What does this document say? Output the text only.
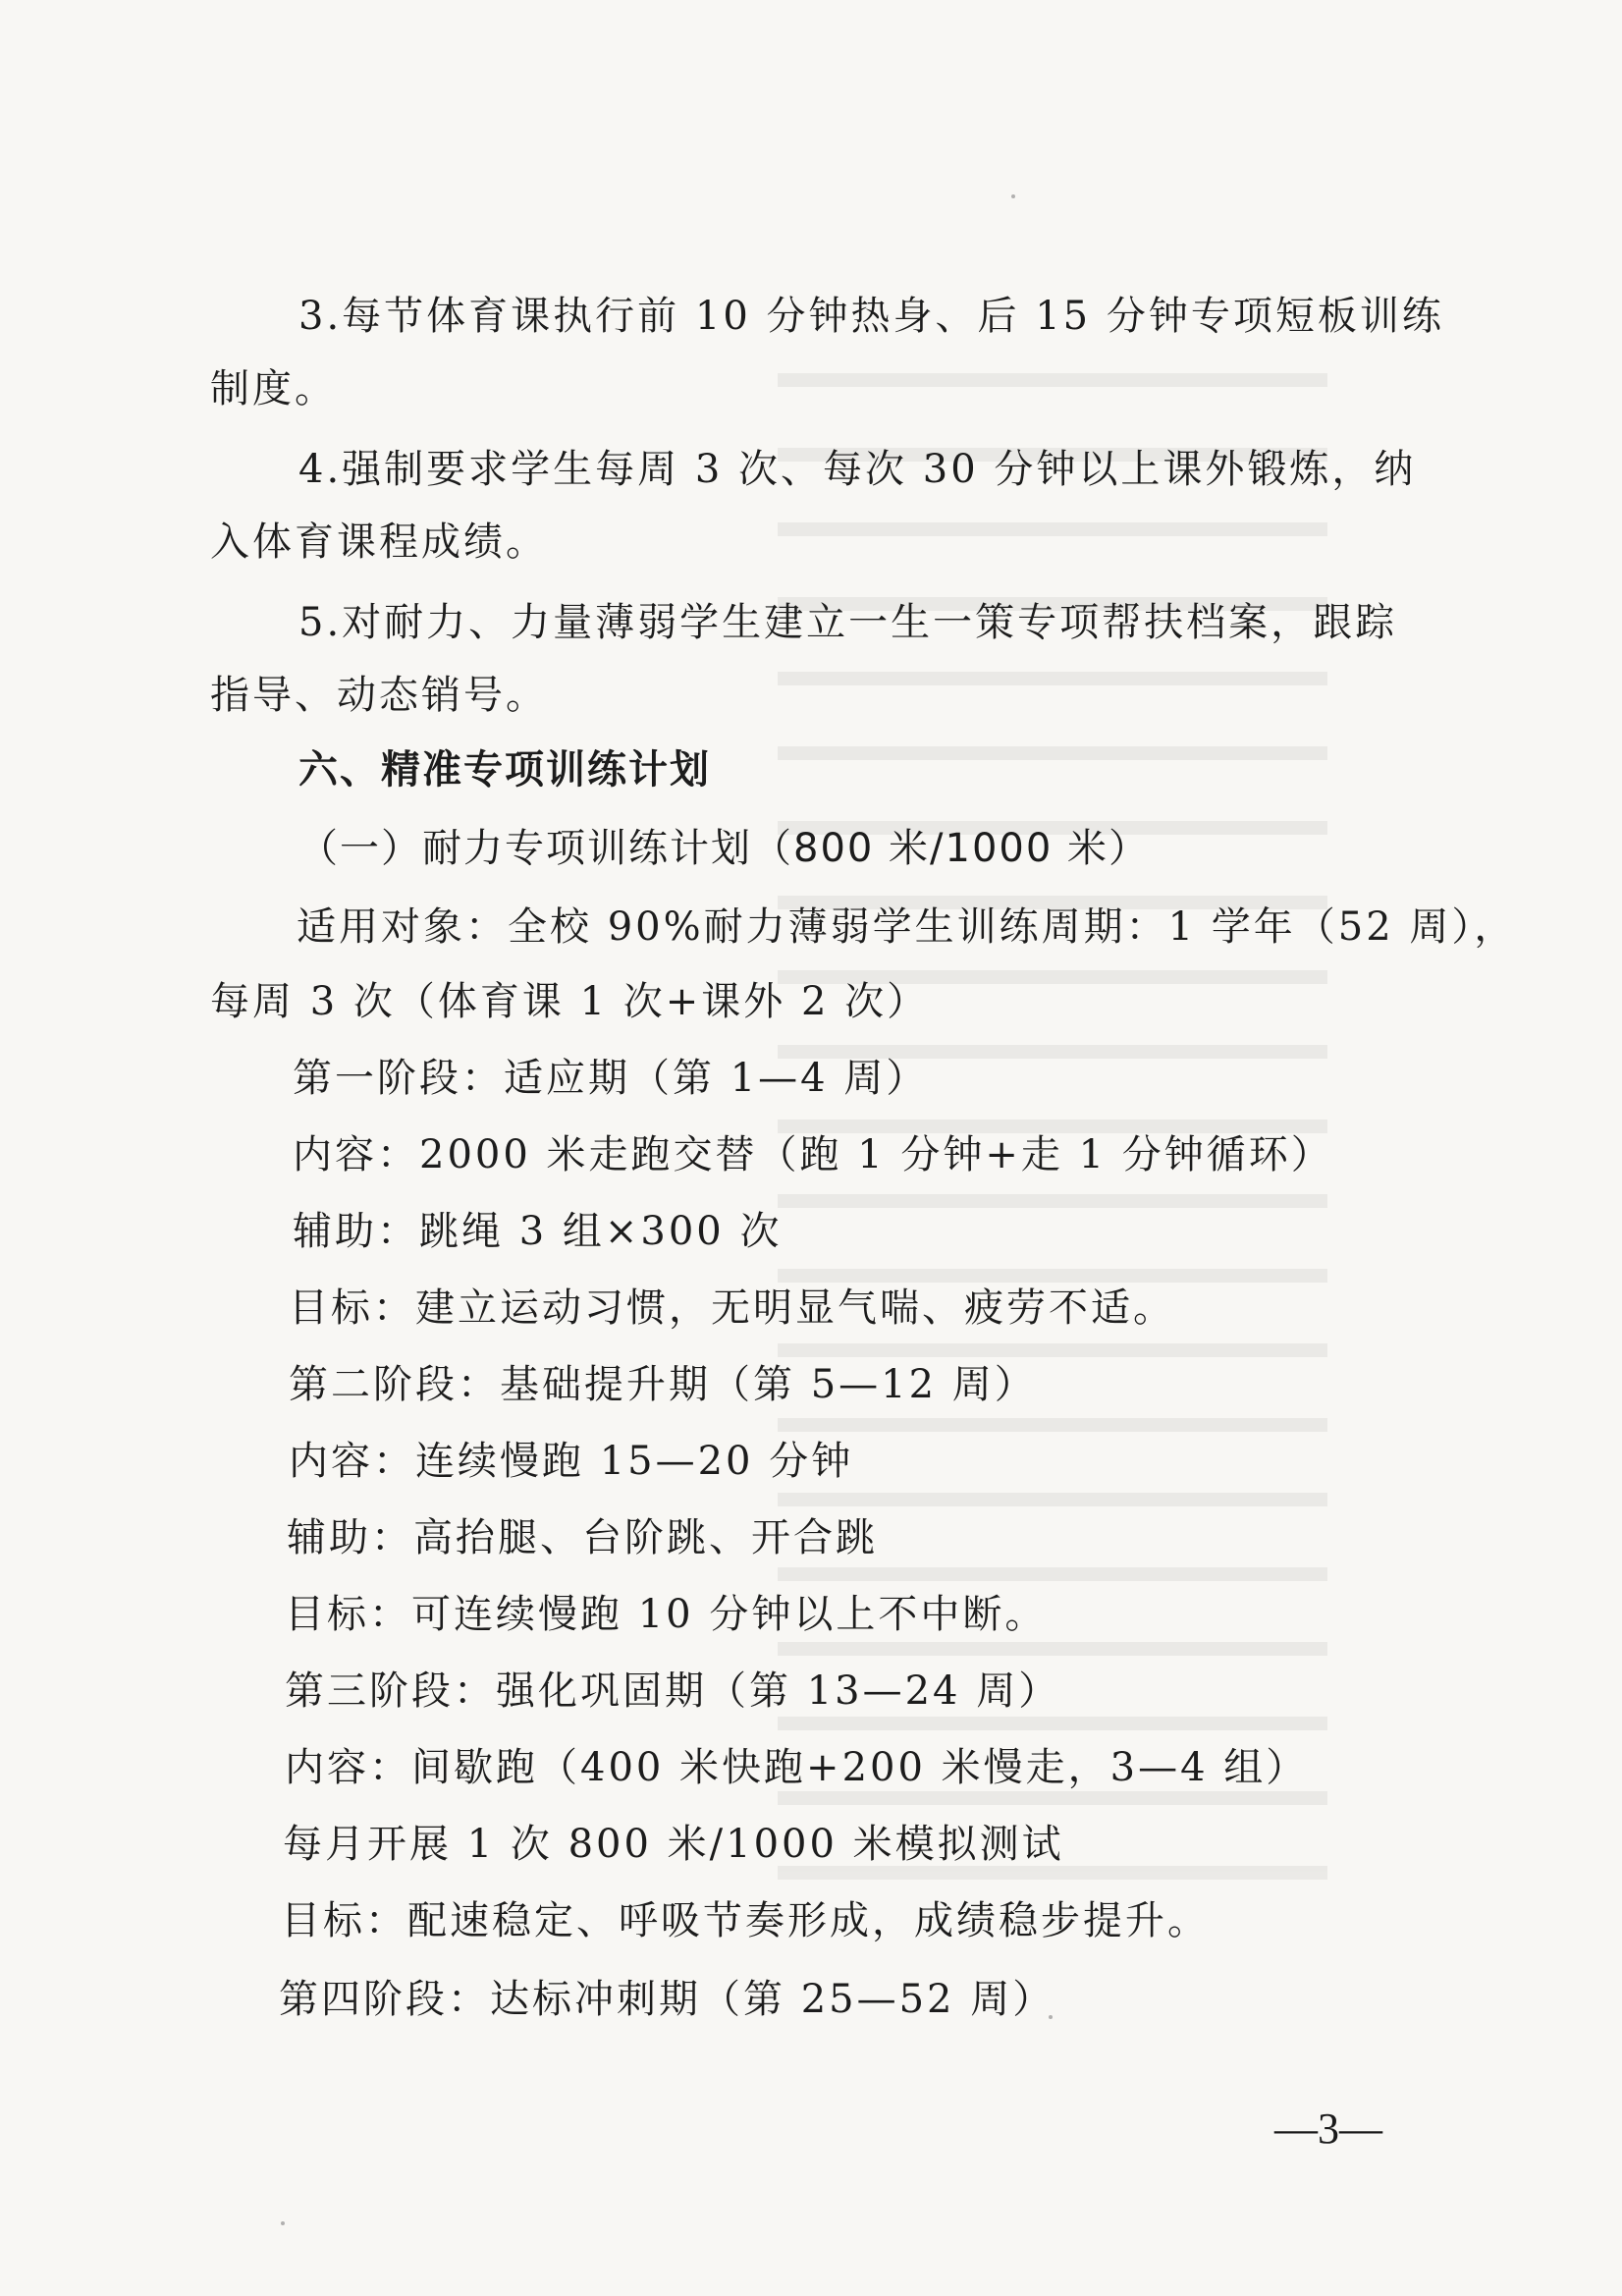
3.每节体育课执行前 10 分钟热身、后 15 分钟专项短板训练
制度。
4.强制要求学生每周 3 次、每次 30 分钟以上课外锻炼，纳
入体育课程成绩。
5.对耐力、力量薄弱学生建立一生一策专项帮扶档案，跟踪
指导、动态销号。
六、精准专项训练计划
（一）耐力专项训练计划（800 米/1000 米）
适用对象：全校 90%耐力薄弱学生训练周期：1 学年（52 周），
每周 3 次（体育课 1 次+课外 2 次）
第一阶段：适应期（第 1—4 周）
内容：2000 米走跑交替（跑 1 分钟+走 1 分钟循环）
辅助：跳绳 3 组×300 次
目标：建立运动习惯，无明显气喘、疲劳不适。
第二阶段：基础提升期（第 5—12 周）
内容：连续慢跑 15—20 分钟
辅助：高抬腿、台阶跳、开合跳
目标：可连续慢跑 10 分钟以上不中断。
第三阶段：强化巩固期（第 13—24 周）
内容：间歇跑（400 米快跑+200 米慢走，3—4 组）
每月开展 1 次 800 米/1000 米模拟测试
目标：配速稳定、呼吸节奏形成，成绩稳步提升。
第四阶段：达标冲刺期（第 25—52 周）
—3—
